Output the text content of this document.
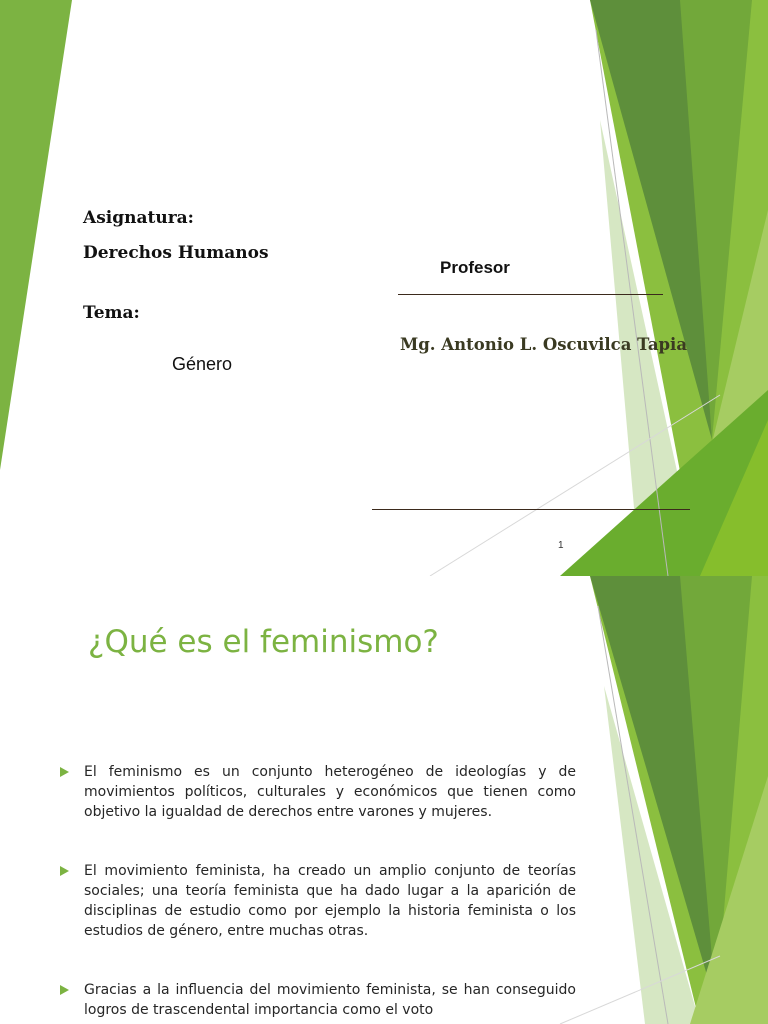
Asignatura:

Derechos Humanos

Profesor

Tema:

Mg. Antonio L. Oscuvilca Tapia

Género

1

¿Qué es el feminismo?
El feminismo es un conjunto heterogéneo de ideologías y de movimientos políticos, culturales y económicos que tienen como objetivo la igualdad de derechos entre varones y mujeres.
El movimiento feminista, ha creado un amplio conjunto de teorías sociales; una teoría feminista que ha dado lugar a la aparición de disciplinas de estudio como por ejemplo la historia feminista o los estudios de género, entre muchas otras.
Gracias a la influencia del movimiento feminista, se han conseguido logros de trascendental importancia como el voto
